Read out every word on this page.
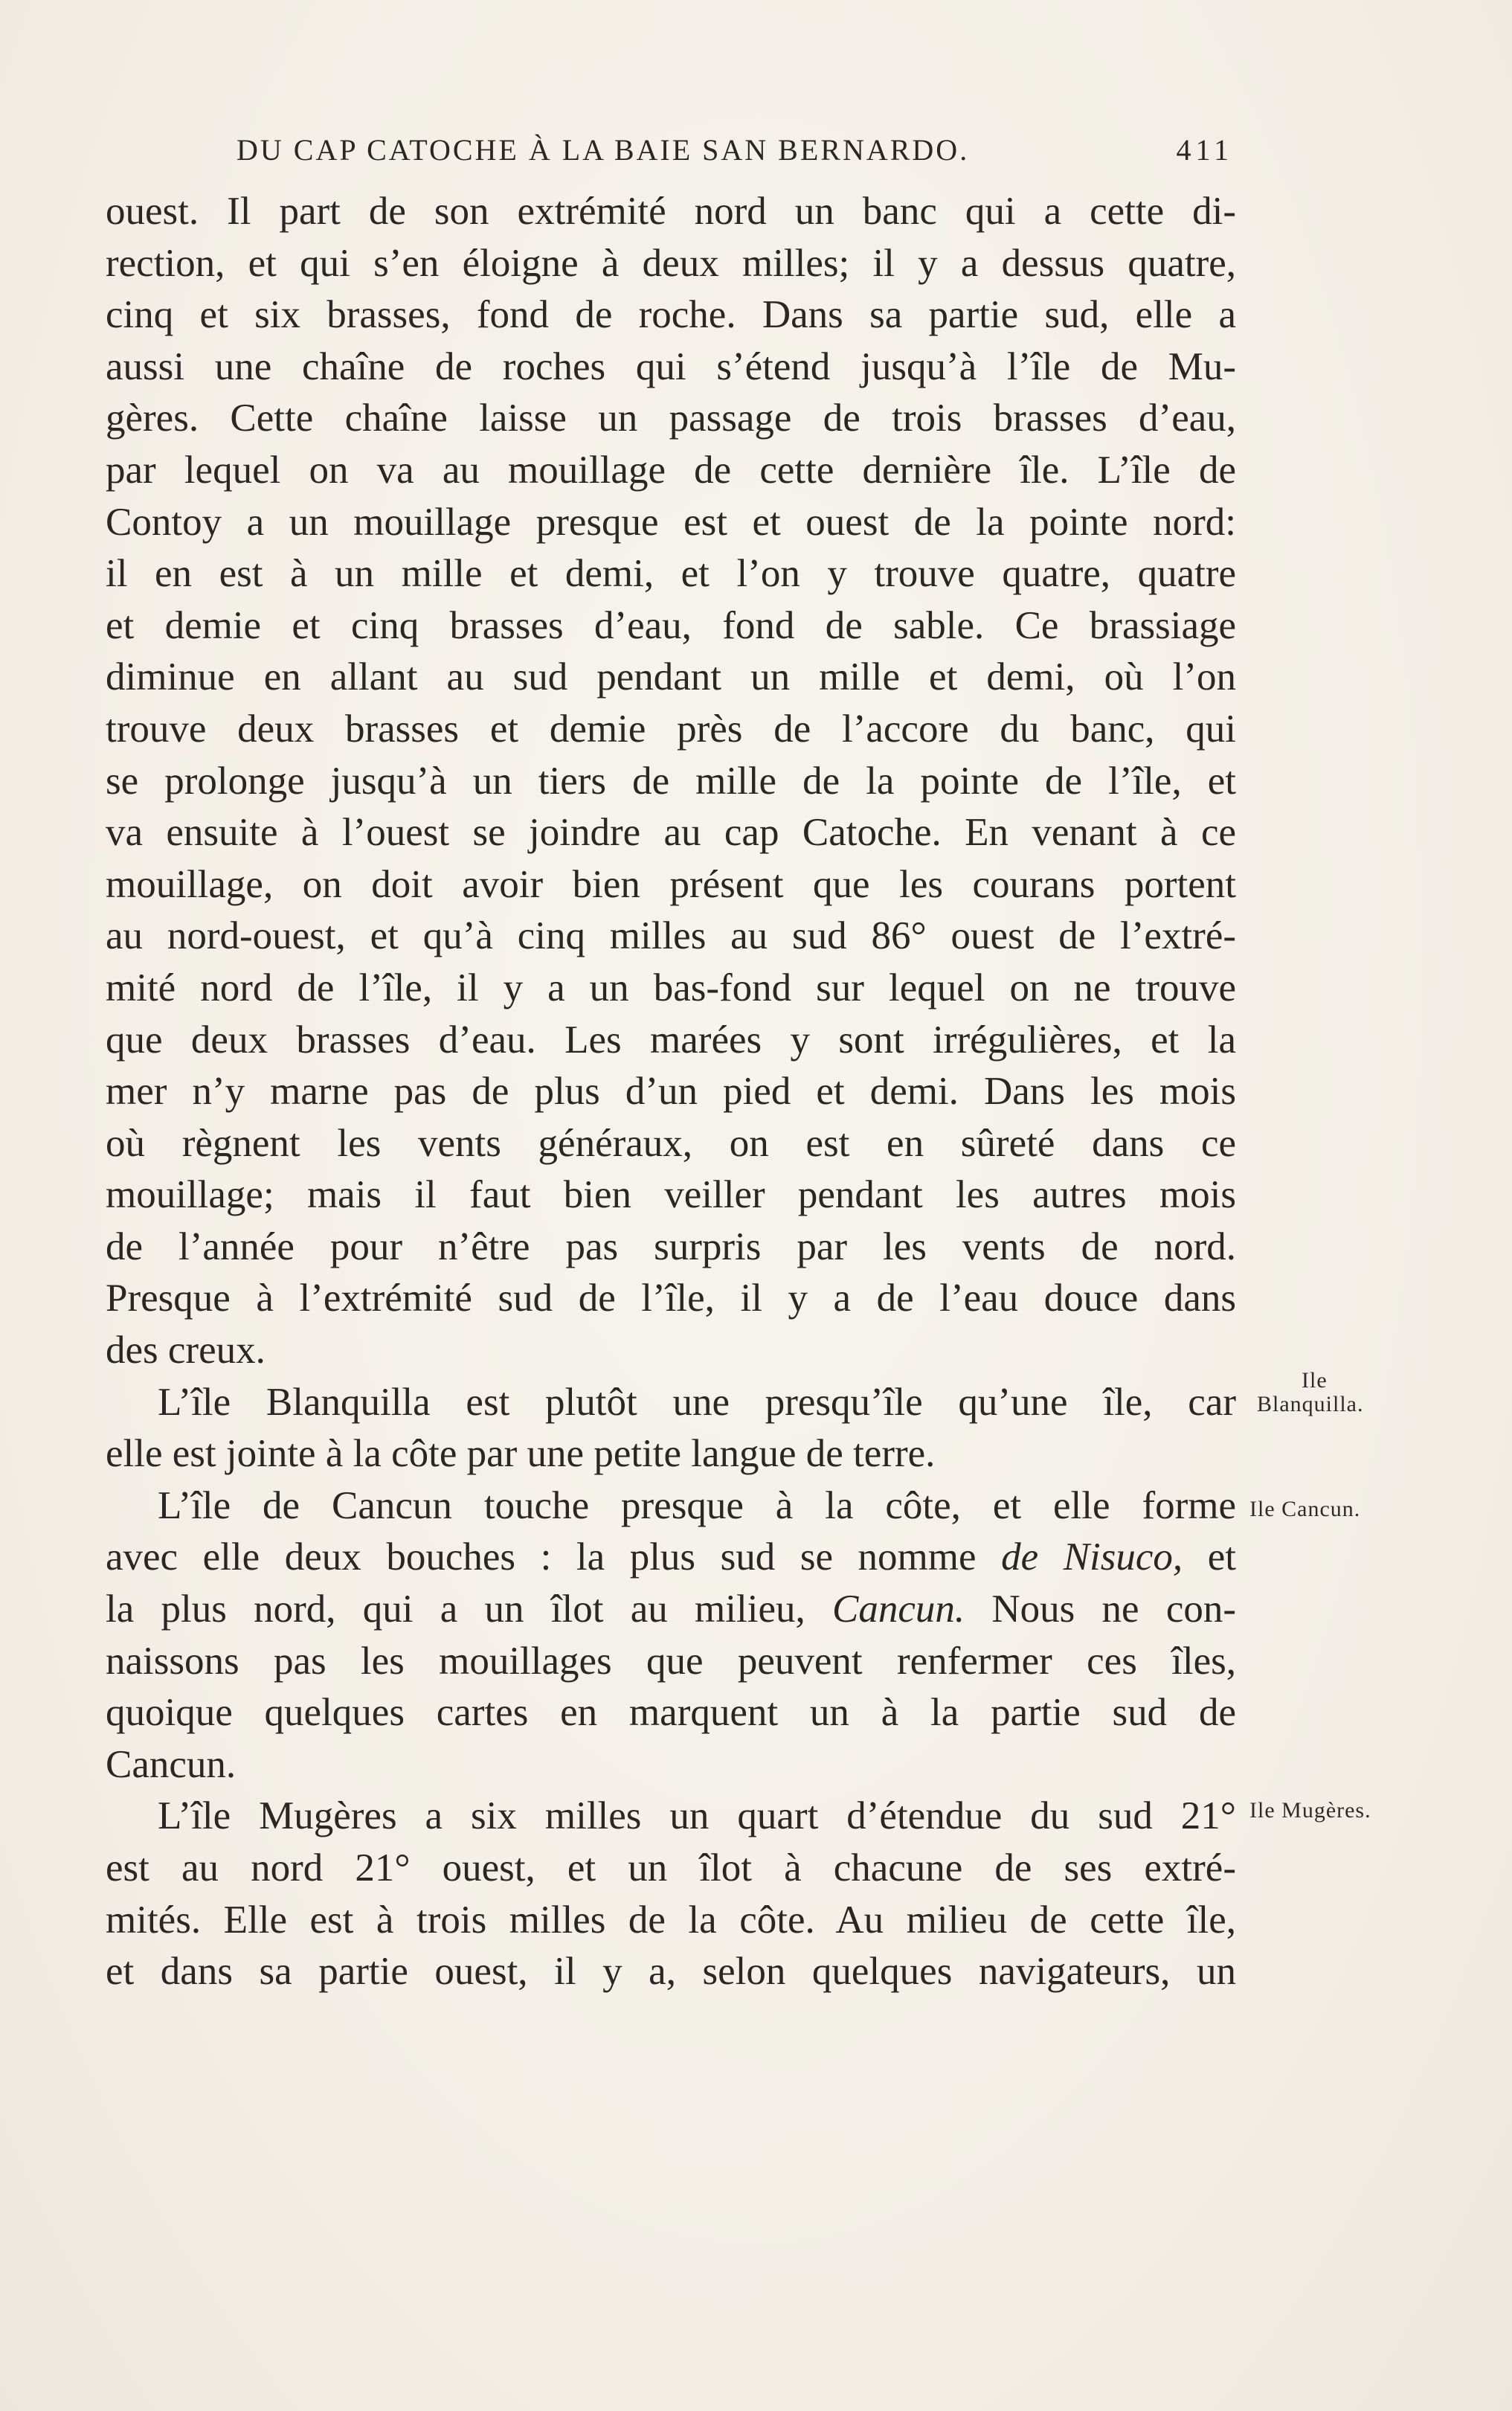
DU CAP CATOCHE À LA BAIE SAN BERNARDO.	411
ouest. Il part de son extrémité nord un banc qui a cette di-
rection, et qui s’en éloigne à deux milles; il y a dessus quatre,
cinq et six brasses, fond de roche. Dans sa partie sud, elle a
aussi une chaîne de roches qui s’étend jusqu’à l’île de Mu-
gères. Cette chaîne laisse un passage de trois brasses d’eau,
par lequel on va au mouillage de cette dernière île. L’île de
Contoy a un mouillage presque est et ouest de la pointe nord:
il en est à un mille et demi, et l’on y trouve quatre, quatre
et demie et cinq brasses d’eau, fond de sable. Ce brassiage
diminue en allant au sud pendant un mille et demi, où l’on
trouve deux brasses et demie près de l’accore du banc, qui
se prolonge jusqu’à un tiers de mille de la pointe de l’île, et
va ensuite à l’ouest se joindre au cap Catoche. En venant à ce
mouillage, on doit avoir bien présent que les courans portent
au nord-ouest, et qu’à cinq milles au sud 86° ouest de l’extré-
mité nord de l’île, il y a un bas-fond sur lequel on ne trouve
que deux brasses d’eau. Les marées y sont irrégulières, et la
mer n’y marne pas de plus d’un pied et demi. Dans les mois
où règnent les vents généraux, on est en sûreté dans ce
mouillage; mais il faut bien veiller pendant les autres mois
de l’année pour n’être pas surpris par les vents de nord.
Presque à l’extrémité sud de l’île, il y a de l’eau douce dans
des creux.
L’île Blanquilla est plutôt une presqu’île qu’une île, car
elle est jointe à la côte par une petite langue de terre.
L’île de Cancun touche presque à la côte, et elle forme
avec elle deux bouches : la plus sud se nomme de Nisuco, et
la plus nord, qui a un îlot au milieu, Cancun. Nous ne con-
naissons pas les mouillages que peuvent renfermer ces îles,
quoique quelques cartes en marquent un à la partie sud de
Cancun.
L’île Mugères a six milles un quart d’étendue du sud 21°
est au nord 21° ouest, et un îlot à chacune de ses extré-
mités. Elle est à trois milles de la côte. Au milieu de cette île,
et dans sa partie ouest, il y a, selon quelques navigateurs, un
Ile
Blanquilla.
Ile Cancun.
Ile Mugères.
